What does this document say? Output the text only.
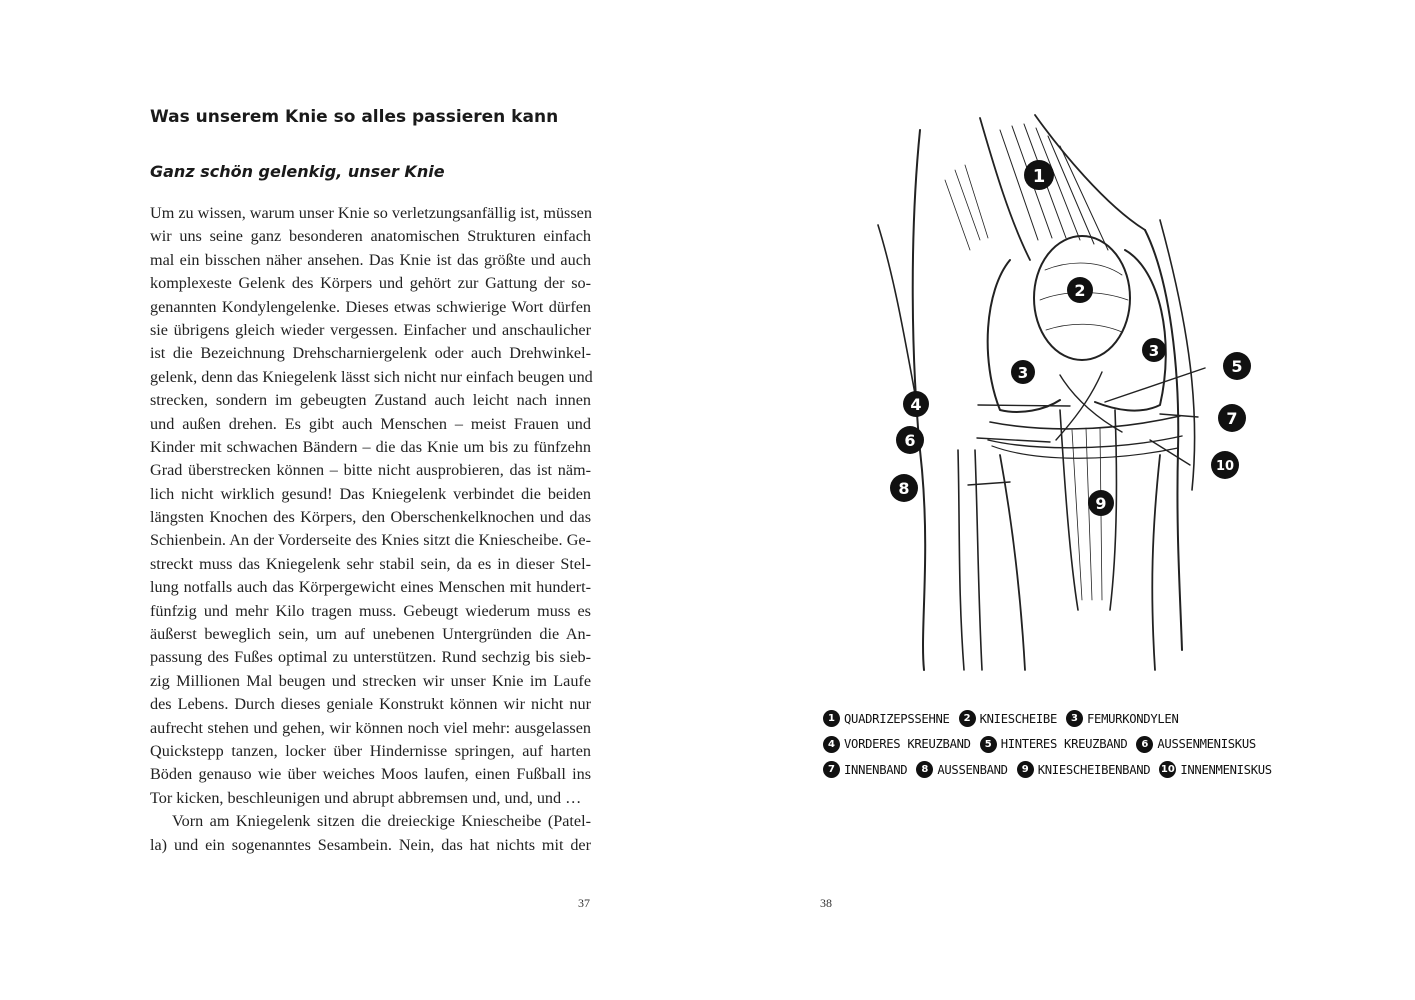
Was unserem Knie so alles passieren kann
Ganz schön gelenkig, unser Knie
Um zu wissen, warum unser Knie so verletzungsanfällig ist, müssen
wir uns seine ganz besonderen anatomischen Strukturen einfach
mal ein bisschen näher ansehen. Das Knie ist das größte und auch
komplexeste Gelenk des Körpers und gehört zur Gattung der so-
genannten Kondylengelenke. Dieses etwas schwierige Wort dürfen
sie übrigens gleich wieder vergessen. Einfacher und anschaulicher
ist die Bezeichnung Drehscharniergelenk oder auch Drehwinkel-
gelenk, denn das Kniegelenk lässt sich nicht nur einfach beugen und
strecken, sondern im gebeugten Zustand auch leicht nach innen
und außen drehen. Es gibt auch Menschen – meist Frauen und
Kinder mit schwachen Bändern – die das Knie um bis zu fünfzehn
Grad überstrecken können – bitte nicht ausprobieren, das ist näm-
lich nicht wirklich gesund! Das Kniegelenk verbindet die beiden
längsten Knochen des Körpers, den Oberschenkelknochen und das
Schienbein. An der Vorderseite des Knies sitzt die Kniescheibe. Ge-
streckt muss das Kniegelenk sehr stabil sein, da es in dieser Stel-
lung notfalls auch das Körpergewicht eines Menschen mit hundert-
fünfzig und mehr Kilo tragen muss. Gebeugt wiederum muss es
äußerst beweglich sein, um auf unebenen Untergründen die An-
passung des Fußes optimal zu unterstützen. Rund sechzig bis sieb-
zig Millionen Mal beugen und strecken wir unser Knie im Laufe
des Lebens. Durch dieses geniale Konstrukt können wir nicht nur
aufrecht stehen und gehen, wir können noch viel mehr: ausgelassen
Quickstepp tanzen, locker über Hindernisse springen, auf harten
Böden genauso wie über weiches Moos laufen, einen Fußball ins
Tor kicken, beschleunigen und abrupt abbremsen und, und, und …
Vorn am Kniegelenk sitzen die dreieckige Kniescheibe (Patel-
la) und ein sogenanntes Sesambein. Nein, das hat nichts mit der
37
1
2
3
3
4
5
6
7
8
9
10
1 QUADRIZEPSSEHNE	2 KNIESCHEIBE	3 FEMURKONDYLEN
4 VORDERES KREUZBAND	5 HINTERES KREUZBAND	6 AUSSENMENISKUS
7 INNENBAND	8 AUSSENBAND	9 KNIESCHEIBENBAND 10 INNENMENISKUS
38
